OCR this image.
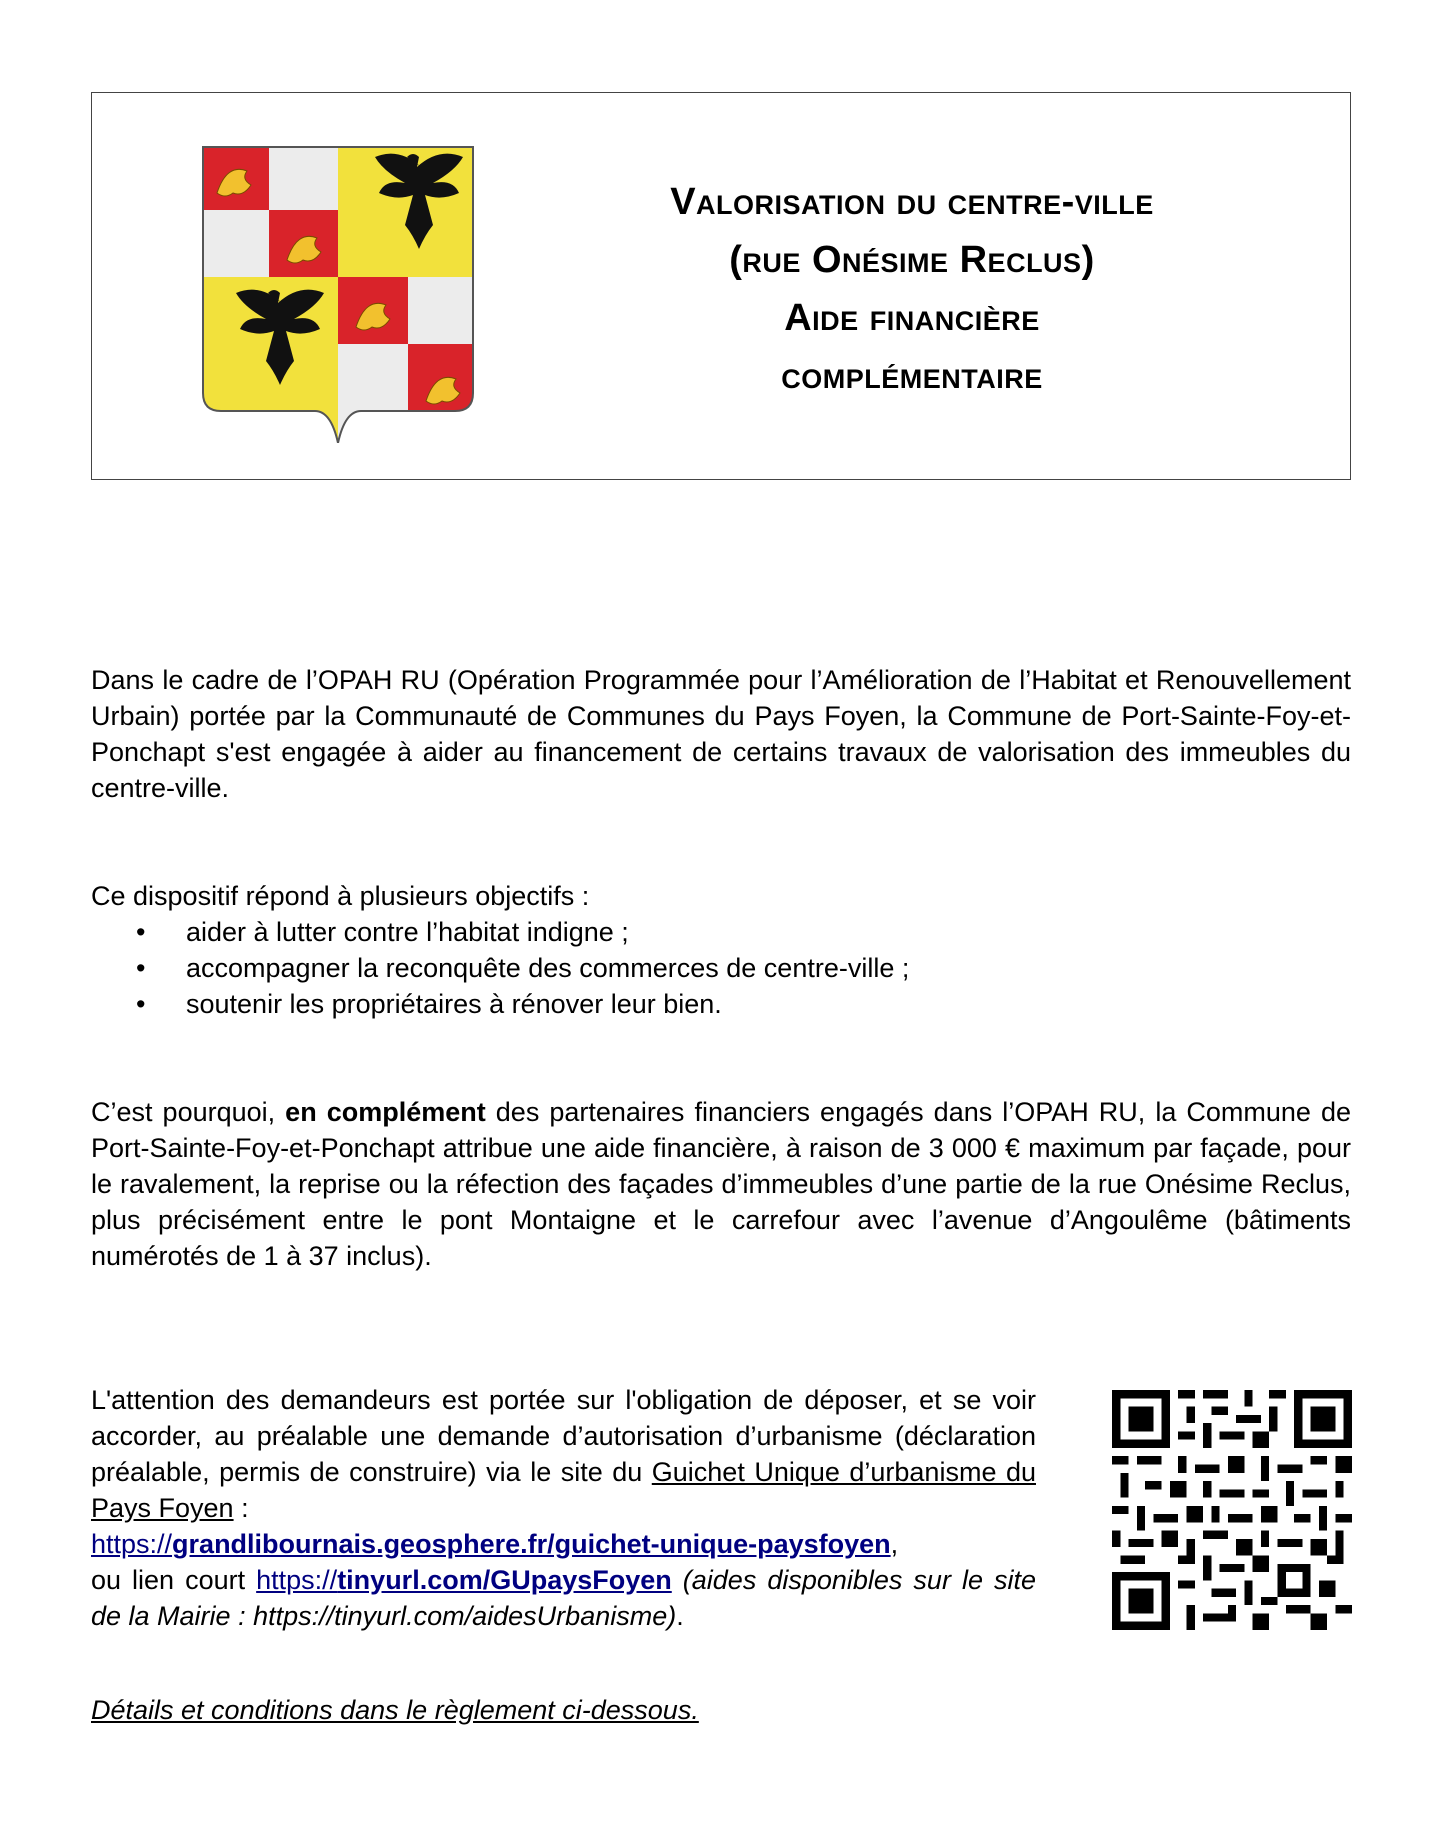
Valorisation du centre-ville
(rue Onésime Reclus)
Aide financière
complémentaire

Dans le cadre de l’OPAH RU (Opération Programmée pour l’Amélioration de l’Habitat et Renouvellement Urbain) portée par la Communauté de Communes du Pays Foyen, la Commune de Port-Sainte-Foy-et-Ponchapt s'est engagée à aider au financement de certains travaux de valorisation des immeubles du centre-ville.

Ce dispositif répond à plusieurs objectifs :

• aider à lutter contre l’habitat indigne ;
• accompagner la reconquête des commerces de centre-ville ;
• soutenir les propriétaires à rénover leur bien.

C’est pourquoi, en complément des partenaires financiers engagés dans l’OPAH RU, la Commune de Port-Sainte-Foy-et-Ponchapt attribue une aide financière, à raison de 3 000 € maximum par façade, pour le ravalement, la reprise ou la réfection des façades d’immeubles d’une partie de la rue Onésime Reclus, plus précisément entre le pont Montaigne et le carrefour avec l’avenue d’Angoulême (bâtiments numérotés de 1 à 37 inclus).

L'attention des demandeurs est portée sur l'obligation de déposer, et se voir accorder, au préalable une demande d’autorisation d’urbanisme (déclaration préalable, permis de construire) via le site du Guichet Unique d’urbanisme du Pays Foyen :
https://grandlibournais.geosphere.fr/guichet-unique-paysfoyen,
ou lien court https://tinyurl.com/GUpaysFoyen (aides disponibles sur le site de la Mairie : https://tinyurl.com/aidesUrbanisme).

Détails et conditions dans le règlement ci-dessous.
